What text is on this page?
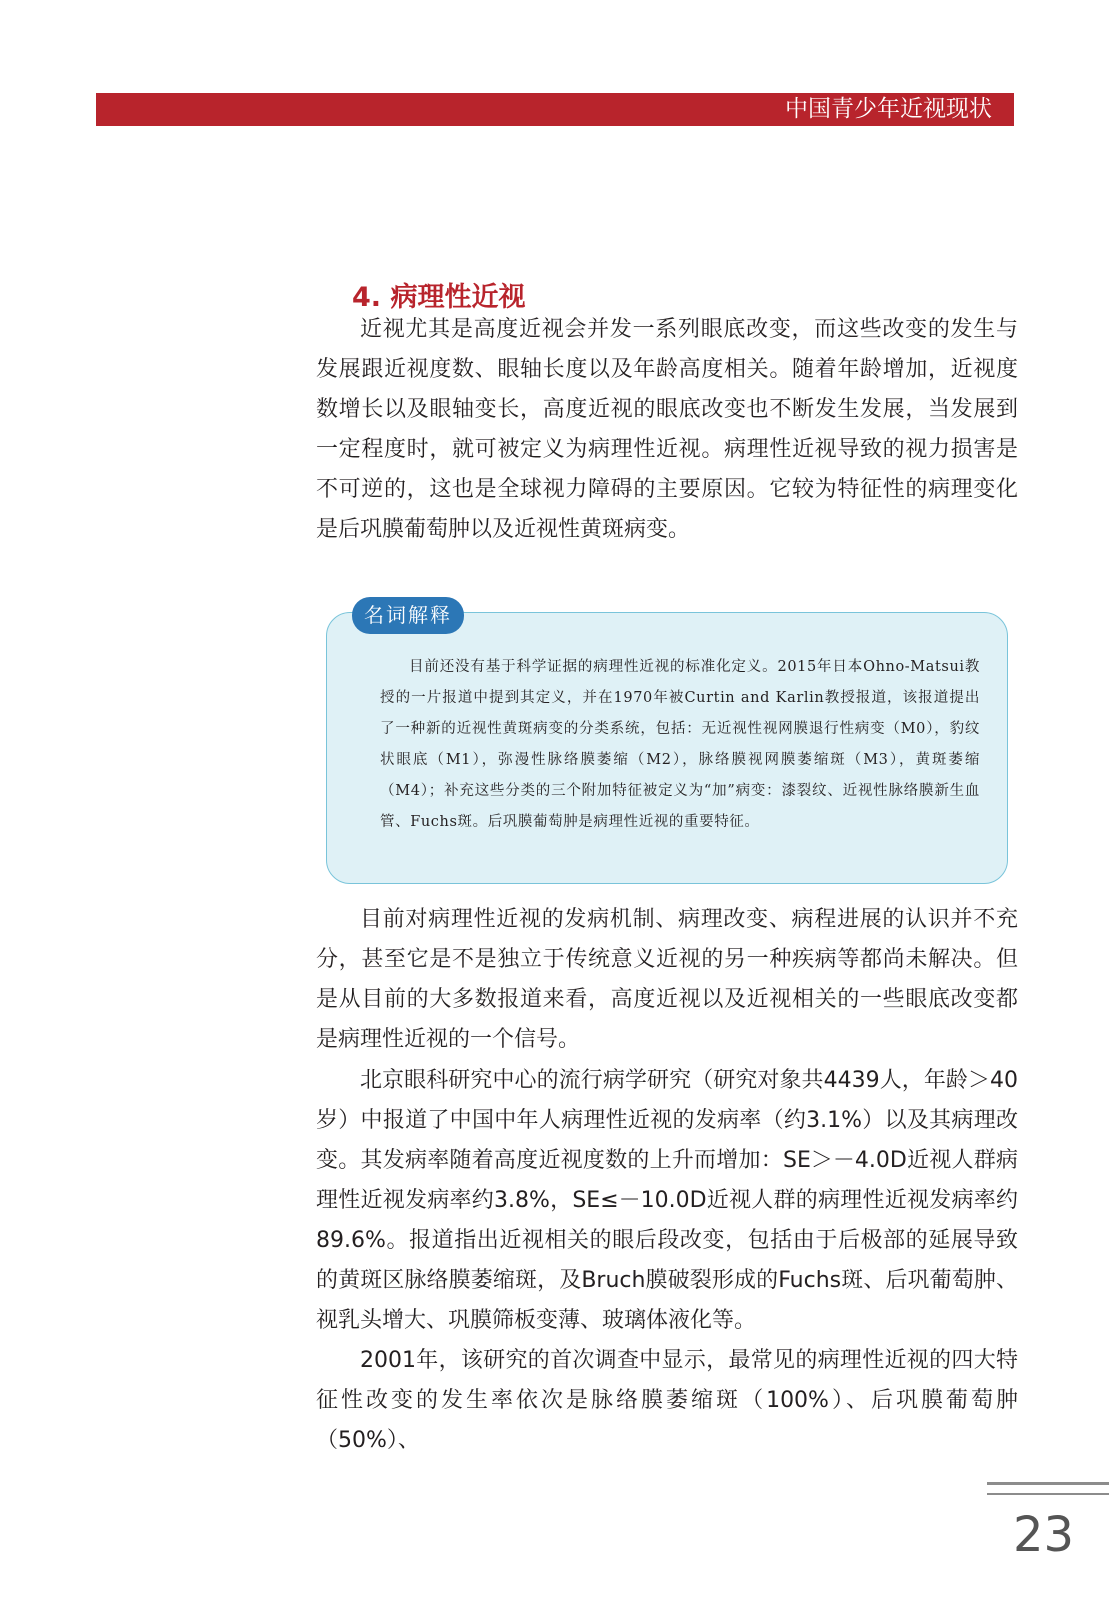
中国青少年近视现状
4. 病理性近视

近视尤其是高度近视会并发一系列眼底改变，而这些改变的发生与发展跟近视度数、眼轴长度以及年龄高度相关。随着年龄增加，近视度数增长以及眼轴变长，高度近视的眼底改变也不断发生发展，当发展到一定程度时，就可被定义为病理性近视。病理性近视导致的视力损害是不可逆的，这也是全球视力障碍的主要原因。它较为特征性的病理变化是后巩膜葡萄肿以及近视性黄斑病变。

名词解释

目前还没有基于科学证据的病理性近视的标准化定义。2015年日本Ohno-Matsui教授的一片报道中提到其定义，并在1970年被Curtin and Karlin教授报道，该报道提出了一种新的近视性黄斑病变的分类系统，包括：无近视性视网膜退行性病变（M0），豹纹状眼底（M1），弥漫性脉络膜萎缩（M2），脉络膜视网膜萎缩斑（M3），黄斑萎缩（M4）；补充这些分类的三个附加特征被定义为“加”病变：漆裂纹、近视性脉络膜新生血管、Fuchs斑。后巩膜葡萄肿是病理性近视的重要特征。

目前对病理性近视的发病机制、病理改变、病程进展的认识并不充分，甚至它是不是独立于传统意义近视的另一种疾病等都尚未解决。但是从目前的大多数报道来看，高度近视以及近视相关的一些眼底改变都是病理性近视的一个信号。

北京眼科研究中心的流行病学研究（研究对象共4439人，年龄＞40岁）中报道了中国中年人病理性近视的发病率（约3.1%）以及其病理改变。其发病率随着高度近视度数的上升而增加：SE＞－4.0D近视人群病理性近视发病率约3.8%，SE≤－10.0D近视人群的病理性近视发病率约89.6%。报道指出近视相关的眼后段改变，包括由于后极部的延展导致的黄斑区脉络膜萎缩斑，及Bruch膜破裂形成的Fuchs斑、后巩葡萄肿、视乳头增大、巩膜筛板变薄、玻璃体液化等。

2001年，该研究的首次调查中显示，最常见的病理性近视的四大特征性改变的发生率依次是脉络膜萎缩斑（100%）、后巩膜葡萄肿（50%）、

23
